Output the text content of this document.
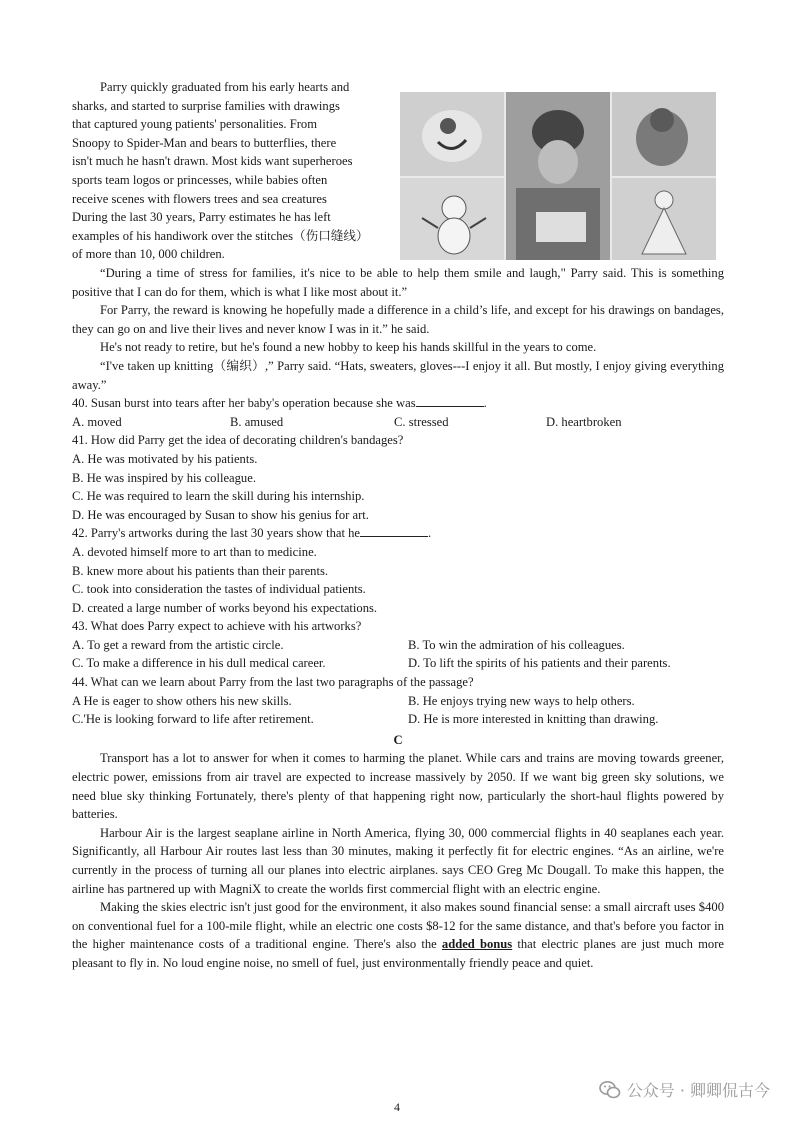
Parry quickly graduated from his early hearts and
sharks, and started to surprise families with drawings
that captured young patients' personalities. From
Snoopy to Spider-Man and bears to butterflies, there
isn't much he hasn't drawn. Most kids want superheroes
sports team logos or princesses, while babies often
receive scenes with flowers trees and sea creatures
During the last 30 years, Parry estimates he has left
examples of his handiwork over the stitches（伤口缝线）
of more than 10, 000 children.

“During a time of stress for families, it's nice to be able to help them smile and laugh," Parry said. This is something positive that I can do for them, which is what I like most about it.”

For Parry, the reward is knowing he hopefully made a difference in a child’s life, and except for his drawings on bandages, they can go on and live their lives and never know I was in it.” he said.

He's not ready to retire, but he's found a new hobby to keep his hands skillful in the years to come.

“I've taken up knitting（编织）,” Parry said. “Hats, sweaters, gloves---I enjoy it all. But mostly, I enjoy giving everything away.”

40. Susan burst into tears after her baby's operation because she was	.

A. moved	B. amused	C. stressed	D. heartbroken

41. How did Parry get the idea of decorating children's bandages?

A. He was motivated by his patients.
B. He was inspired by his colleague.
C. He was required to learn the skill during his internship.
D. He was encouraged by Susan to show his genius for art.

42. Parry's artworks during the last 30 years show that he	.

A. devoted himself more to art than to medicine.
B. knew more about his patients than their parents.
C. took into consideration the tastes of individual patients.
D. created a large number of works beyond his expectations.

43. What does Parry expect to achieve with his artworks?

A. To get a reward from the artistic circle.	B. To win the admiration of his colleagues.
C. To make a difference in his dull medical career.	D. To lift the spirits of his patients and their parents.

44. What can we learn about Parry from the last two paragraphs of the passage?

A He is eager to show others his new skills.	B. He enjoys trying new ways to help others.
C.'He is looking forward to life after retirement.	D. He is more interested in knitting than drawing.

C

Transport has a lot to answer for when it comes to harming the planet. While cars and trains are moving towards greener, electric power, emissions from air travel are expected to increase massively by 2050. If we want big green sky solutions, we need blue sky thinking Fortunately, there's plenty of that happening right now, particularly the short-haul flights powered by batteries.

Harbour Air is the largest seaplane airline in North America, flying 30, 000 commercial flights in 40 seaplanes each year. Significantly, all Harbour Air routes last less than 30 minutes, making it perfectly fit for electric engines. “As an airline, we're currently in the process of turning all our planes into electric airplanes. says CEO Greg Mc Dougall. To make this happen, the airline has partnered up with MagniX to create the worlds first commercial flight with an electric engine.

Making the skies electric isn't just good for the environment, it also makes sound financial sense: a small aircraft uses $400 on conventional fuel for a 100-mile flight, while an electric one costs $8-12 for the same distance, and that's before you factor in the higher maintenance costs of a traditional engine. There's also the added bonus that electric planes are just much more pleasant to fly in. No loud engine noise, no smell of fuel, just environmentally friendly peace and quiet.

公众号 · 卿卿侃古今
4
